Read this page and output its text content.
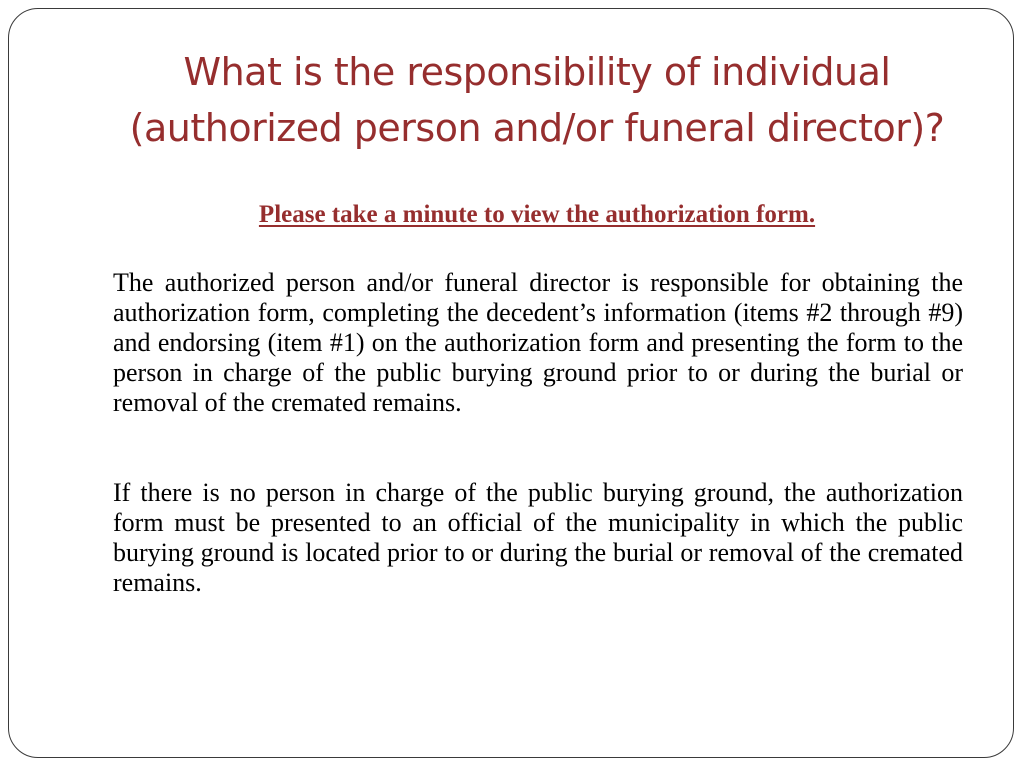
What is the responsibility of individual
(authorized person and/or funeral director)?
Please take a minute to view the authorization form.

The authorized person and/or funeral director is responsible for obtaining the authorization form, completing the decedent’s information (items #2 through #9) and endorsing (item #1) on the authorization form and presenting the form to the person in charge of the public burying ground prior to or during the burial or removal of the cremated remains.

If there is no person in charge of the public burying ground, the authorization form must be presented to an official of the municipality in which the public burying ground is located prior to or during the burial or removal of the cremated remains.
